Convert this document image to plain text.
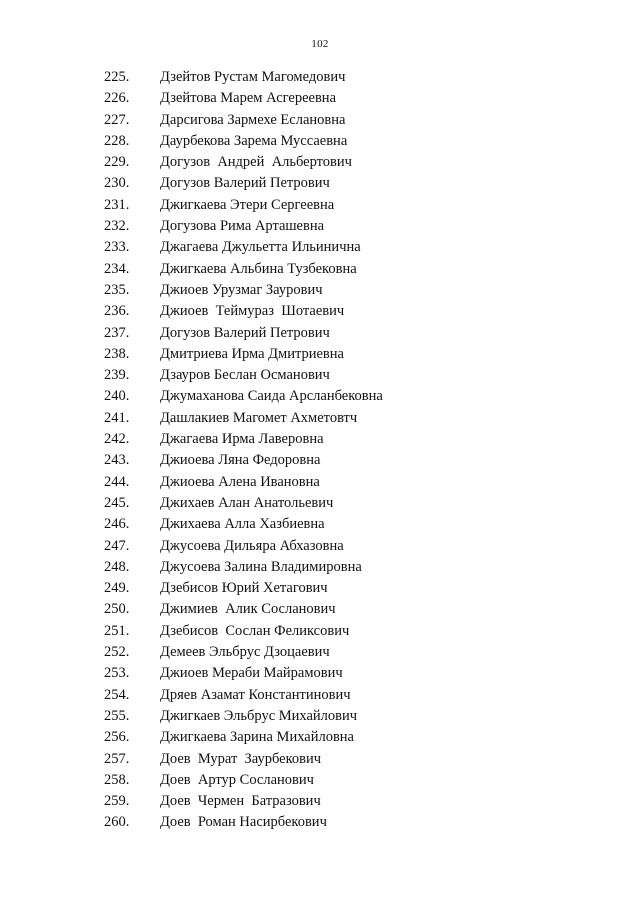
102
225.	Дзейтов Рустам Магомедович
226.	Дзейтова Марем Асгереевна
227.	Дарсигова Зармехе Еслановна
228.	Даурбекова Зарема Муссаевна
229.	Догузов  Андрей  Альбертович
230.	Догузов Валерий Петрович
231.	Джигкаева Этери Сергеевна
232.	Догузова Рима Арташевна
233.	Джагаева Джульетта Ильинична
234.	Джигкаева Альбина Тузбековна
235.	Джиоев Урузмаг Заурович
236.	Джиоев  Теймураз  Шотаевич
237.	Догузов Валерий Петрович
238.	Дмитриева Ирма Дмитриевна
239.	Дзауров Беслан Османович
240.	Джумаханова Саида Арсланбековна
241.	Дашлакиев Магомет Ахметовтч
242.	Джагаева Ирма Лаверовна
243.	Джиоева Ляна Федоровна
244.	Джиоева Алена Ивановна
245.	Джихаев Алан Анатольевич
246.	Джихаева Алла Хазбиевна
247.	Джусоева Дильяра Абхазовна
248.	Джусоева Залина Владимировна
249.	Дзебисов Юрий Хетагович
250.	Джимиев  Алик Сосланович
251.	Дзебисов  Сослан Феликсович
252.	Демеев Эльбрус Дзоцаевич
253.	Джиоев Мераби Майрамович
254.	Дряев Азамат Константинович
255.	Джигкаев Эльбрус Михайлович
256.	Джигкаева Зарина Михайловна
257.	Доев  Мурат  Заурбекович
258.	Доев  Артур Сосланович
259.	Доев  Чермен  Батразович
260.	Доев  Роман Насирбекович
